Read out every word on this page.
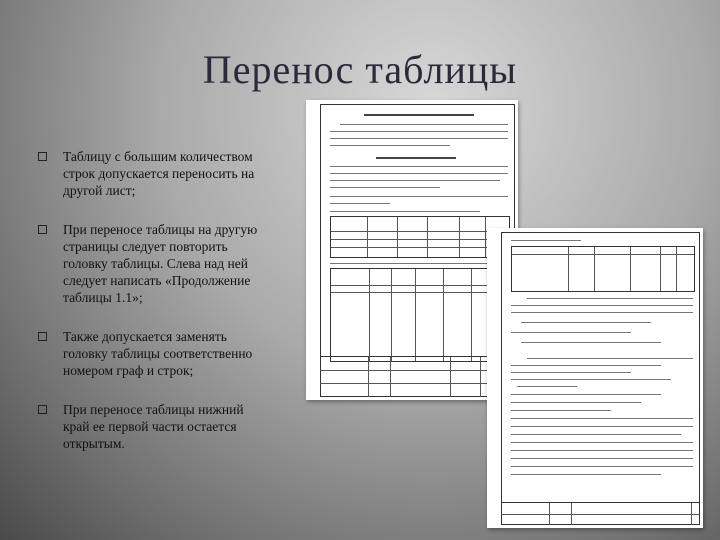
Перенос таблицы
Таблицу с большим количеством строк допускается переносить на другой лист;
При переносе таблицы на другую страницы следует повторить головку таблицы. Слева над ней следует написать «Продолжение таблицы 1.1»;
Также допускается заменять головку таблицы соответственно номером граф и строк;
При переносе таблицы нижний край ее первой части остается открытым.
